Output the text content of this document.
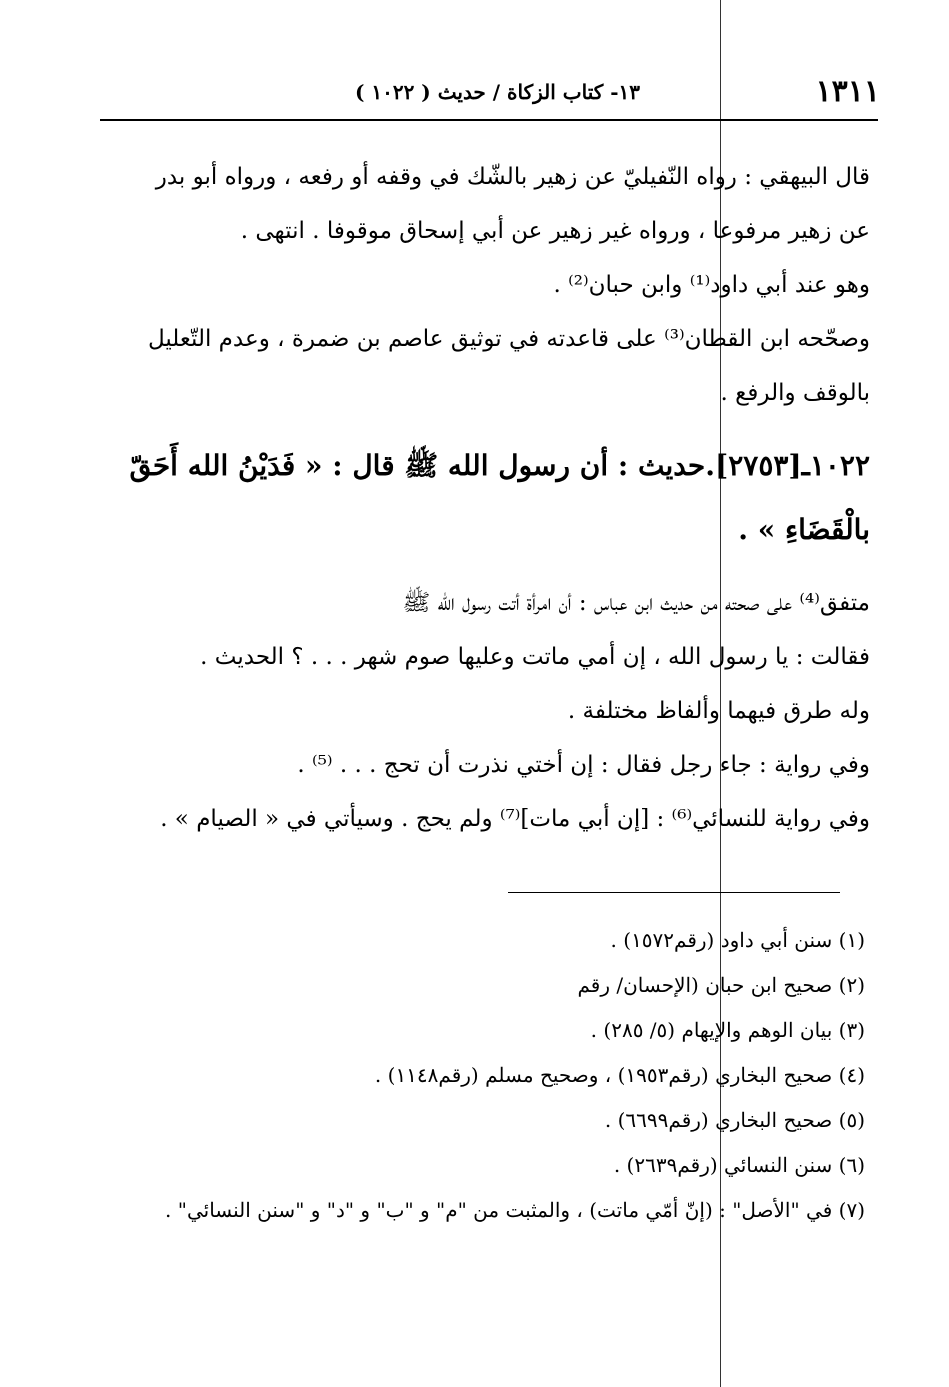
١٣١١
١٣- كتاب الزكاة / حديث ( ١٠٢٢ )
قال البيهقي : رواه النّفيليّ عن زهير بالشّك في وقفه أو رفعه ، ورواه أبو بدر
عن زهير مرفوعا ، ورواه غير زهير عن أبي إسحاق موقوفا . انتهى .
وهو عند أبي داود⁽¹⁾ وابن حبان⁽²⁾ .
وصحّحه ابن القطان⁽³⁾ على قاعدته في توثيق عاصم بن ضمرة ، وعدم التّعليل
بالوقف والرفع .
١٠٢٢ـ[٢٧٥٣].حديث : أن رسول الله ﷺ قال : « فَدَيْنُ الله أَحَقّ
بالْقَضَاءِ » .
متفق⁽⁴⁾ على صحته من حديث ابن عباس : أن امرأة أتت رسول الله ﷺ
فقالت : يا رسول الله ، إن أمي ماتت وعليها صوم شهر . . . ؟ الحديث .
وله طرق فيهما وألفاظ مختلفة .
وفي رواية : جاء رجل فقال : إن أختي نذرت أن تحج . . . ⁽⁵⁾ .
وفي رواية للنسائي⁽⁶⁾ : [إن أبي مات]⁽⁷⁾ ولم يحج . وسيأتي في « الصيام » .
(١) سنن أبي داود (رقم١٥٧٢) .
(٢) صحيح ابن حبان (الإحسان/ رقم
(٣) بيان الوهم والإيهام (٥/ ٢٨٥) .
(٤) صحيح البخاري (رقم١٩٥٣) ، وصحيح مسلم (رقم١١٤٨) .
(٥) صحيح البخاري (رقم٦٦٩٩) .
(٦) سنن النسائي (رقم٢٦٣٩) .
(٧) في "الأصل" : (إنّ أمّي ماتت) ، والمثبت من "م" و "ب" و "د" و "سنن النسائي" .
